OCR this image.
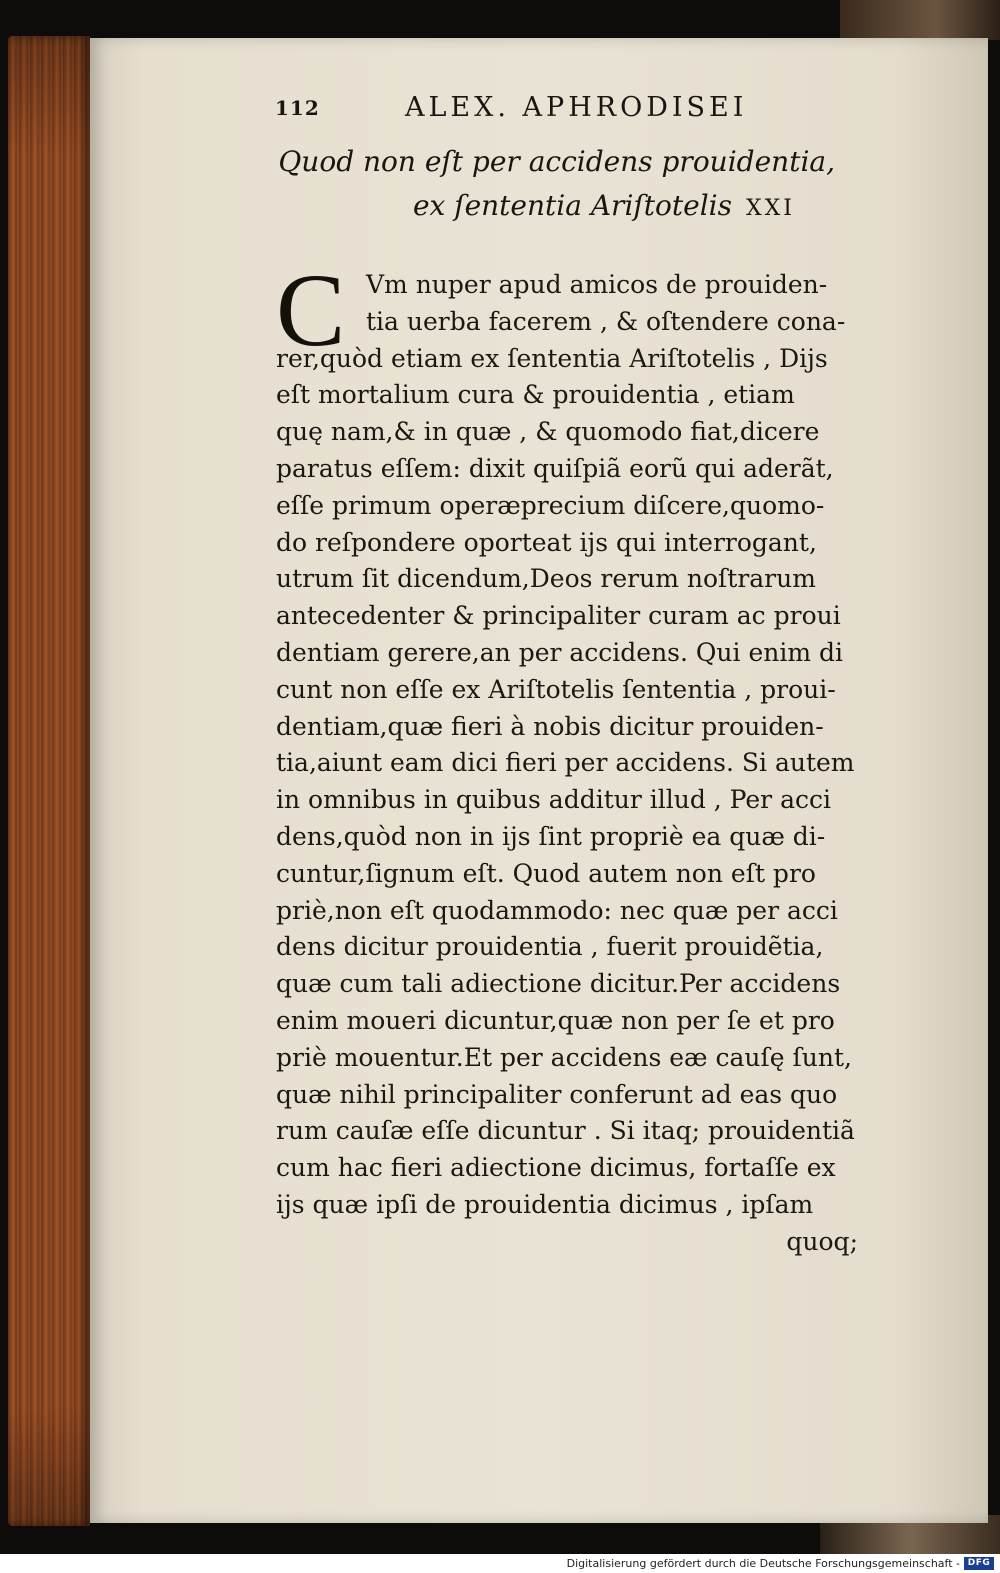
112	ALEX. APHRODISEI
Quod non eſt per accidens prouidentia,
ex ſententia Ariſtotelis XXI
C Vm nuper apud amicos de prouiden-
tia uerba facerem , & oſtendere cona-
rer,quòd etiam ex ſententia Ariſtotelis , Dijs
eſt mortalium cura & prouidentia , etiam
quę nam,& in quæ , & quomodo fiat,dicere
paratus eſſem: dixit quiſpiã eorũ qui aderãt,
eſſe primum operæprecium diſcere,quomo-
do reſpondere oporteat ijs qui interrogant,
utrum ſit dicendum,Deos rerum noſtrarum
antecedenter & principaliter curam ac proui
dentiam gerere,an per accidens. Qui enim di
cunt non eſſe ex Ariſtotelis ſententia , proui-
dentiam,quæ fieri à nobis dicitur prouiden-
tia,aiunt eam dici fieri per accidens. Si autem
in omnibus in quibus additur illud , Per acci
dens,quòd non in ijs ſint propriè ea quæ di-
cuntur,ſignum eſt. Quod autem non eſt pro
priè,non eſt quodammodo: nec quæ per acci
dens dicitur prouidentia , fuerit prouidẽtia,
quæ cum tali adiectione dicitur.Per accidens
enim moueri dicuntur,quæ non per ſe et pro
priè mouentur.Et per accidens eæ cauſę ſunt,
quæ nihil principaliter conferunt ad eas quo
rum cauſæ eſſe dicuntur . Si itaq; prouidentiã
cum hac fieri adiectione dicimus, fortaſſe ex
ijs quæ ipſi de prouidentia dicimus , ipſam
quoq;
Digitalisierung gefördert durch die Deutsche Forschungsgemeinschaft - DFG
